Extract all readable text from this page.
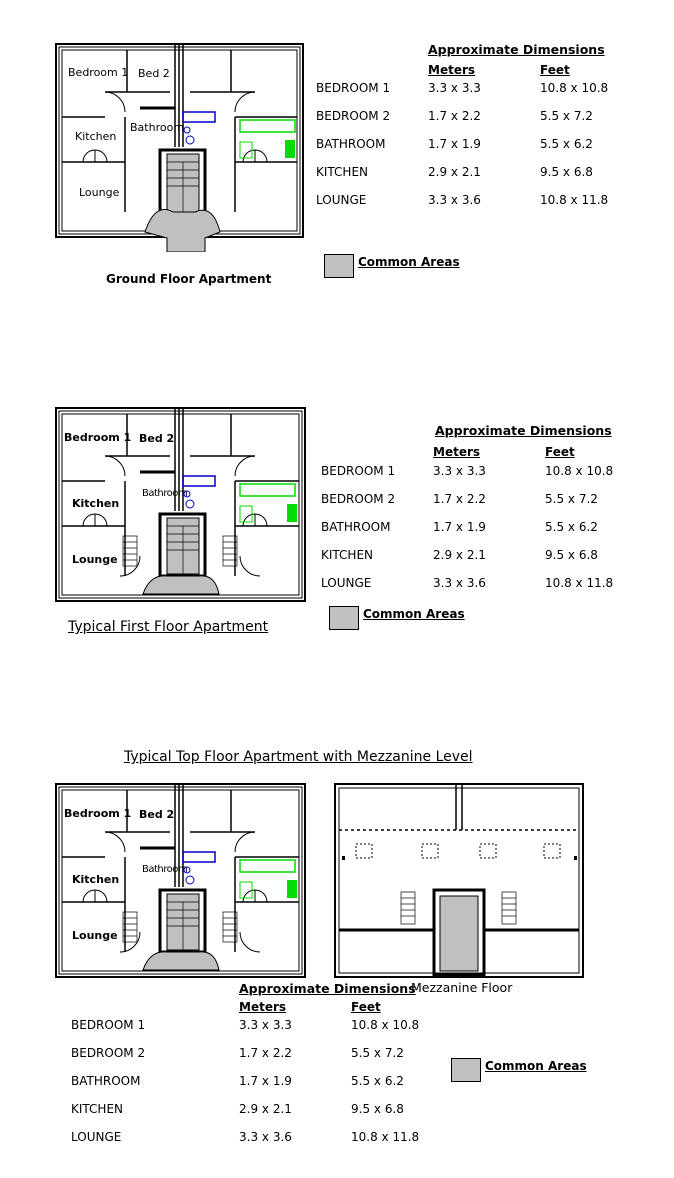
Bedroom 1 Bed 2
Kitchen
Bathroom
Lounge
Ground Floor Apartment
Approximate Dimensions
Meters	Feet
BEDROOM 1	3.3 x 3.3	10.8 x 10.8
BEDROOM 2	1.7 x 2.2	5.5 x 7.2
BATHROOM	1.7 x 1.9	5.5 x 6.2
KITCHEN	2.9 x 2.1	9.5 x 6.8
LOUNGE	3.3 x 3.6	10.8 x 11.8
Common Areas
Bedroom 1 Bed 2
Kitchen
Bathroom
Lounge
Typical First Floor Apartment
Approximate Dimensions
Meters	Feet
BEDROOM 1	3.3 x 3.3	10.8 x 10.8
BEDROOM 2	1.7 x 2.2	5.5 x 7.2
BATHROOM	1.7 x 1.9	5.5 x 6.2
KITCHEN	2.9 x 2.1	9.5 x 6.8
LOUNGE	3.3 x 3.6	10.8 x 11.8
Common Areas
Typical Top Floor Apartment with Mezzanine Level
Bedroom 1 Bed 2
Kitchen
Bathroom
Lounge
Mezzanine Floor
Approximate Dimensions
Meters	Feet
BEDROOM 1	3.3 x 3.3	10.8 x 10.8
BEDROOM 2	1.7 x 2.2	5.5 x 7.2
BATHROOM	1.7 x 1.9	5.5 x 6.2
KITCHEN	2.9 x 2.1	9.5 x 6.8
LOUNGE	3.3 x 3.6	10.8 x 11.8
Common Areas
